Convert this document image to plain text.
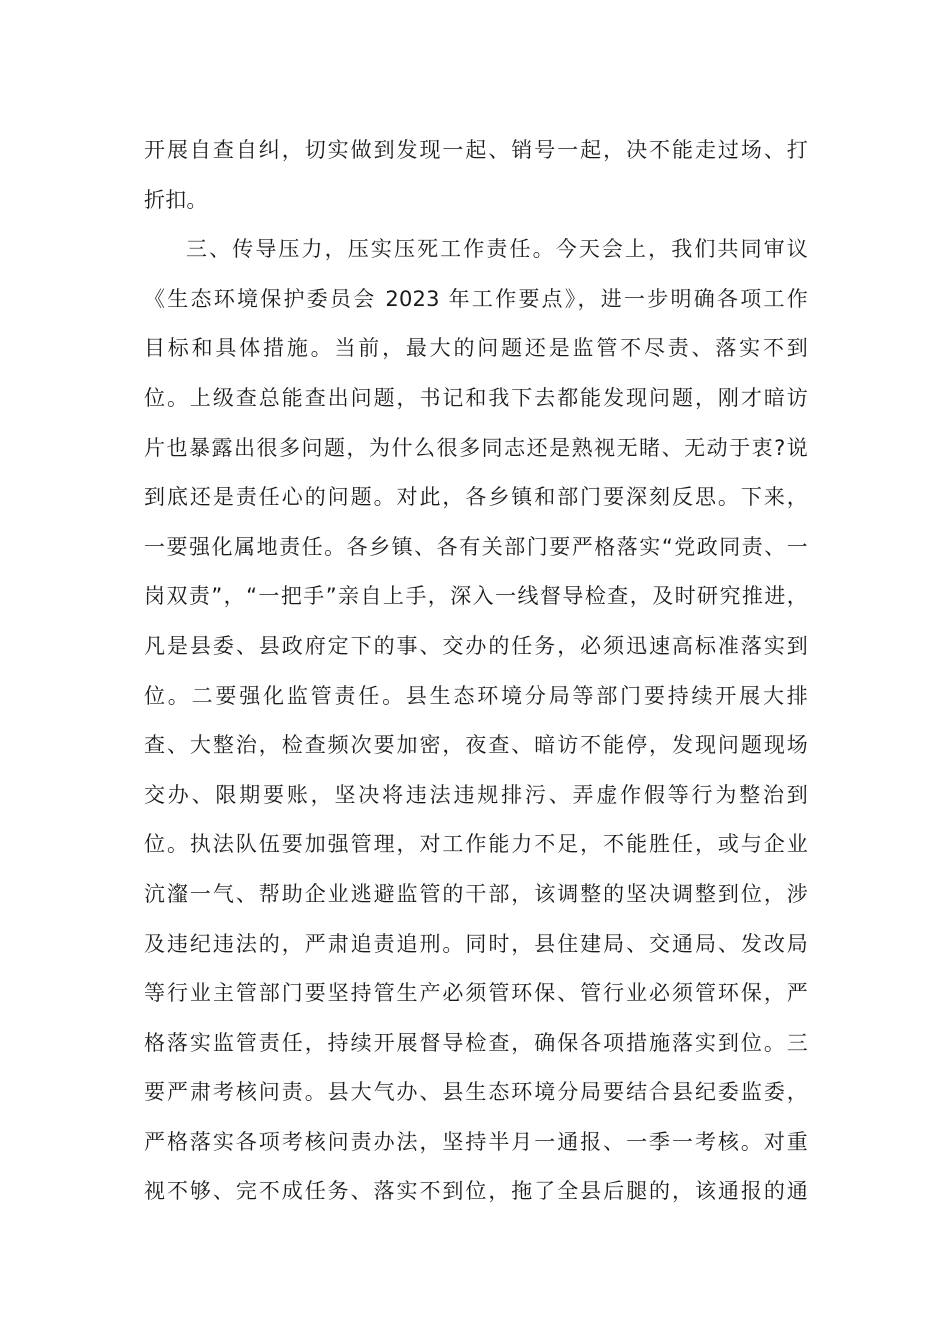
开展自查自纠，切实做到发现一起、销号一起，决不能走过场、打
折扣。
三、传导压力，压实压死工作责任。今天会上，我们共同审议
《生态环境保护委员会 2023 年工作要点》，进一步明确各项工作
目标和具体措施。当前，最大的问题还是监管不尽责、落实不到
位。上级查总能查出问题，书记和我下去都能发现问题，刚才暗访
片也暴露出很多问题，为什么很多同志还是熟视无睹、无动于衷?说
到底还是责任心的问题。对此，各乡镇和部门要深刻反思。下来，
一要强化属地责任。各乡镇、各有关部门要严格落实“党政同责、一
岗双责”，“一把手”亲自上手，深入一线督导检查，及时研究推进，
凡是县委、县政府定下的事、交办的任务，必须迅速高标准落实到
位。二要强化监管责任。县生态环境分局等部门要持续开展大排
查、大整治，检查频次要加密，夜查、暗访不能停，发现问题现场
交办、限期要账，坚决将违法违规排污、弄虚作假等行为整治到
位。执法队伍要加强管理，对工作能力不足，不能胜任，或与企业
沆瀣一气、帮助企业逃避监管的干部，该调整的坚决调整到位，涉
及违纪违法的，严肃追责追刑。同时，县住建局、交通局、发改局
等行业主管部门要坚持管生产必须管环保、管行业必须管环保，严
格落实监管责任，持续开展督导检查，确保各项措施落实到位。三
要严肃考核问责。县大气办、县生态环境分局要结合县纪委监委，
严格落实各项考核问责办法，坚持半月一通报、一季一考核。对重
视不够、完不成任务、落实不到位，拖了全县后腿的，该通报的通
